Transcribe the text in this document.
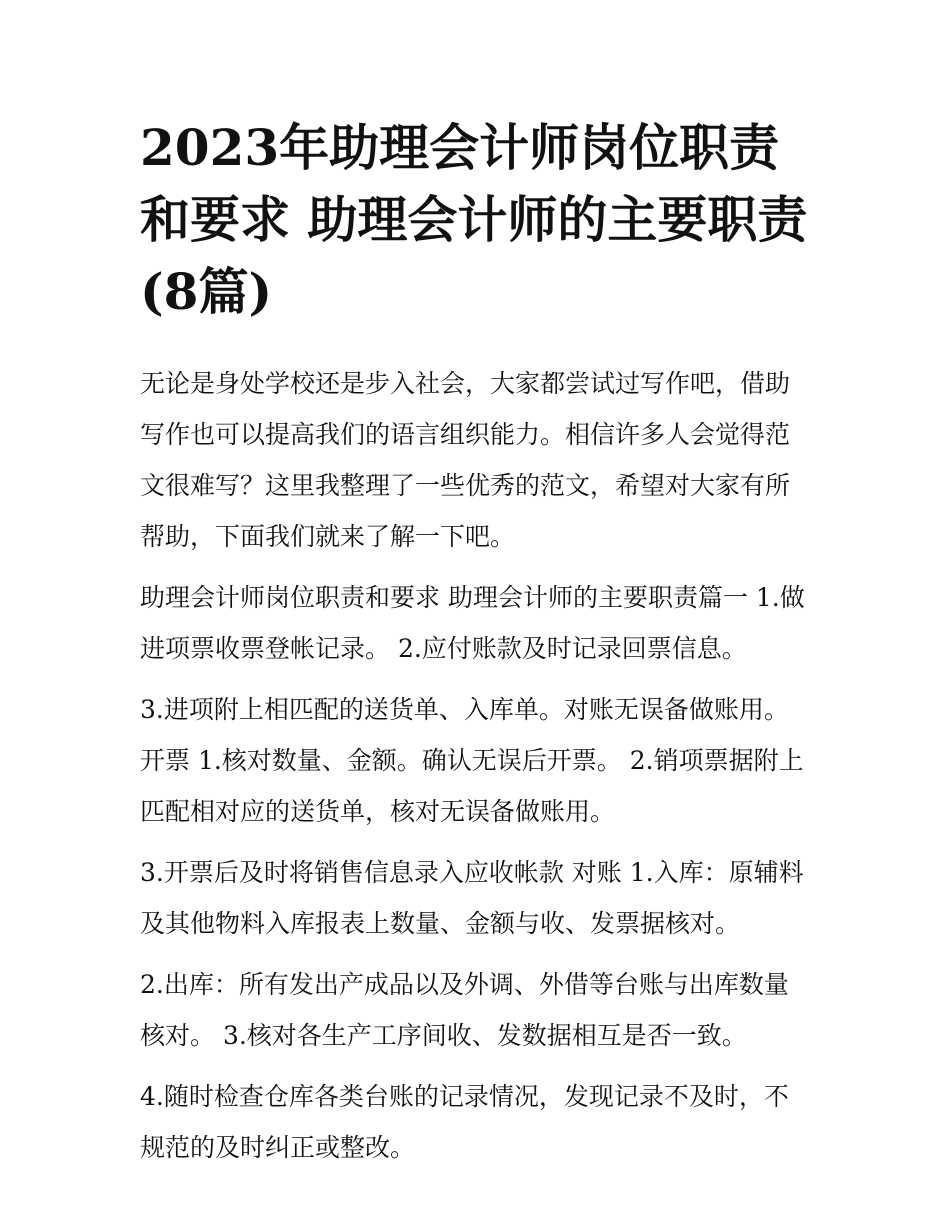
2023年助理会计师岗位职责和要求 助理会计师的主要职责(8篇)

无论是身处学校还是步入社会，大家都尝试过写作吧，借助写作也可以提高我们的语言组织能力。相信许多人会觉得范文很难写？这里我整理了一些优秀的范文，希望对大家有所帮助，下面我们就来了解一下吧。

助理会计师岗位职责和要求 助理会计师的主要职责篇一 1.做进项票收票登帐记录。 2.应付账款及时记录回票信息。

3.进项附上相匹配的送货单、入库单。对账无误备做账用。 开票 1.核对数量、金额。确认无误后开票。 2.销项票据附上匹配相对应的送货单，核对无误备做账用。

3.开票后及时将销售信息录入应收帐款 对账 1.入库：原辅料及其他物料入库报表上数量、金额与收、发票据核对。

2.出库：所有发出产成品以及外调、外借等台账与出库数量核对。 3.核对各生产工序间收、发数据相互是否一致。

4.随时检查仓库各类台账的记录情况，发现记录不及时，不规范的及时纠正或整改。
